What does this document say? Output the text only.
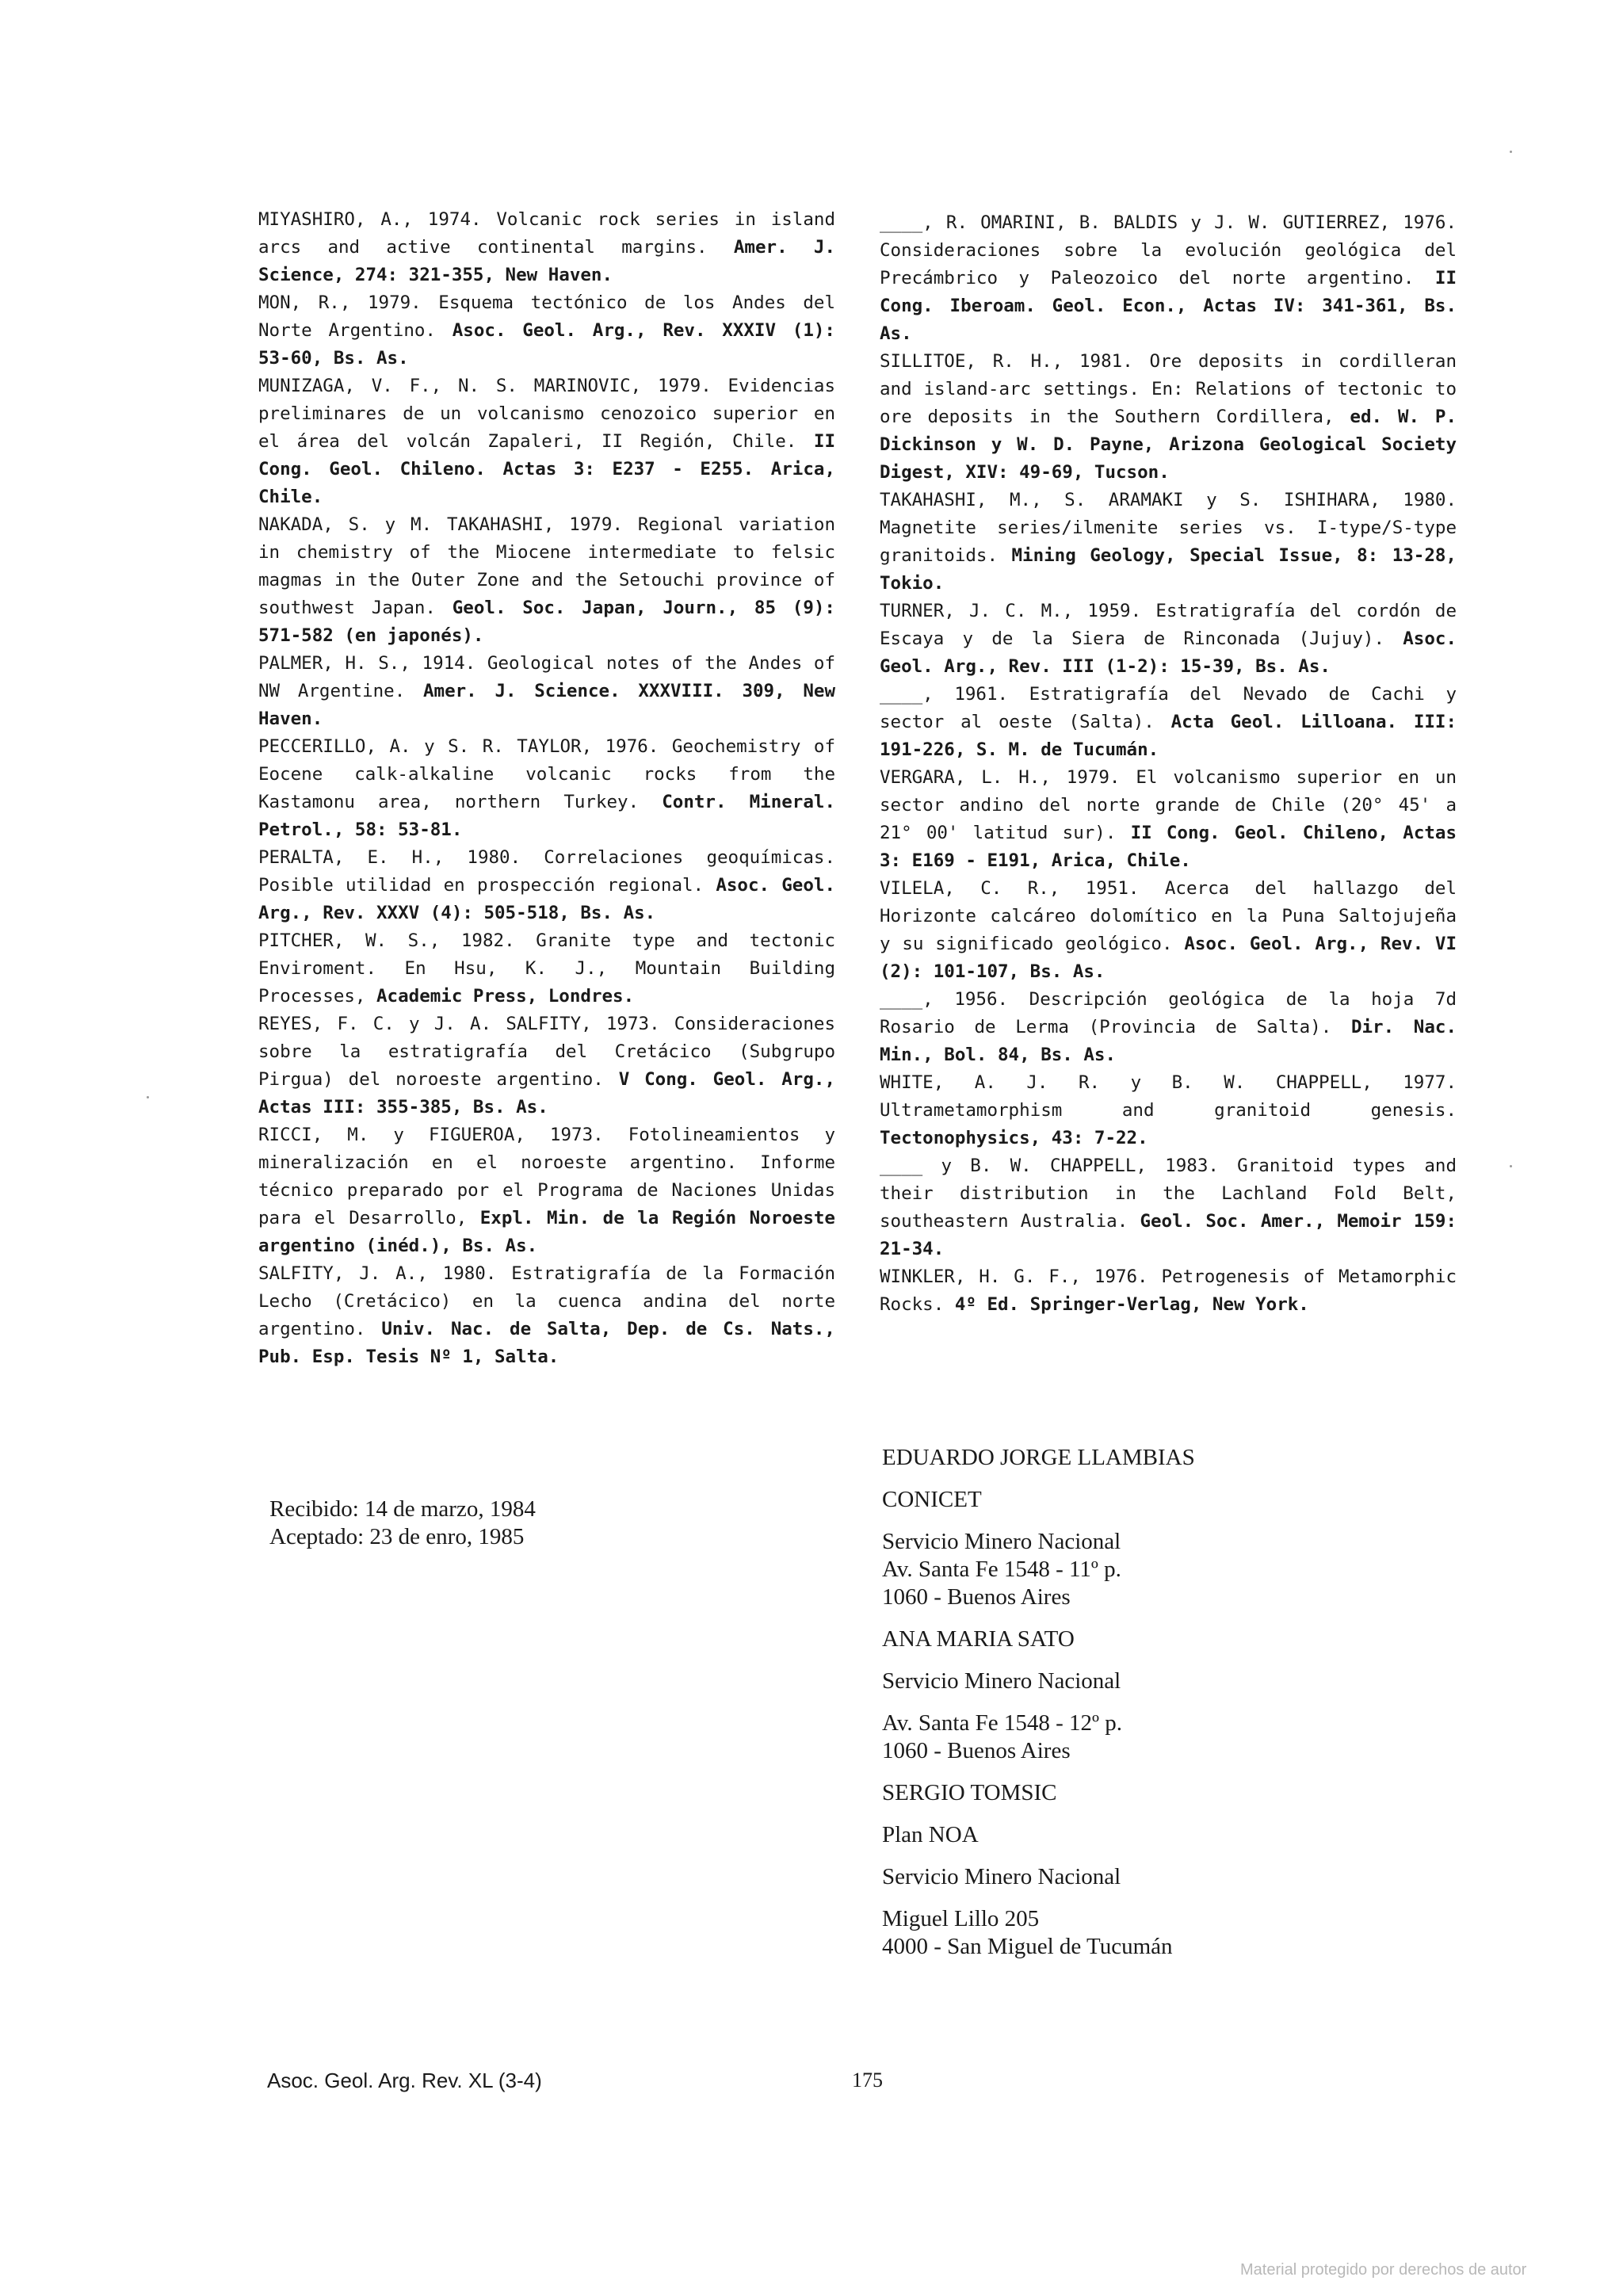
MIYASHIRO, A., 1974. Volcanic rock series in island arcs and active continental margins. Amer. J. Science, 274: 321-355, New Haven.

MON, R., 1979. Esquema tectónico de los Andes del Norte Argentino. Asoc. Geol. Arg., Rev. XXXIV (1): 53-60, Bs. As.

MUNIZAGA, V. F., N. S. MARINOVIC, 1979. Evidencias preliminares de un volcanismo cenozoico superior en el área del volcán Zapaleri, II Región, Chile. II Cong. Geol. Chileno. Actas 3: E237 - E255. Arica, Chile.

NAKADA, S. y M. TAKAHASHI, 1979. Regional variation in chemistry of the Miocene intermediate to felsic magmas in the Outer Zone and the Setouchi province of southwest Japan. Geol. Soc. Japan, Journ., 85 (9): 571-582 (en japonés).

PALMER, H. S., 1914. Geological notes of the Andes of NW Argentine. Amer. J. Science. XXXVIII. 309, New Haven.

PECCERILLO, A. y S. R. TAYLOR, 1976. Geochemistry of Eocene calk-alkaline volcanic rocks from the Kastamonu area, northern Turkey. Contr. Mineral. Petrol., 58: 53-81.

PERALTA, E. H., 1980. Correlaciones geoquímicas. Posible utilidad en prospección regional. Asoc. Geol. Arg., Rev. XXXV (4): 505-518, Bs. As.

PITCHER, W. S., 1982. Granite type and tectonic Enviroment. En Hsu, K. J., Mountain Building Processes, Academic Press, Londres.

REYES, F. C. y J. A. SALFITY, 1973. Consideraciones sobre la estratigrafía del Cretácico (Subgrupo Pirgua) del noroeste argentino. V Cong. Geol. Arg., Actas III: 355-385, Bs. As.

RICCI, M. y FIGUEROA, 1973. Fotolineamientos y mineralización en el noroeste argentino. Informe técnico preparado por el Programa de Naciones Unidas para el Desarrollo, Expl. Min. de la Región Noroeste argentino (inéd.), Bs. As.

SALFITY, J. A., 1980. Estratigrafía de la Formación Lecho (Cretácico) en la cuenca andina del norte argentino. Univ. Nac. de Salta, Dep. de Cs. Nats., Pub. Esp. Tesis Nº 1, Salta.

____, R. OMARINI, B. BALDIS y J. W. GUTIERREZ, 1976. Consideraciones sobre la evolución geológica del Precámbrico y Paleozoico del norte argentino. II Cong. Iberoam. Geol. Econ., Actas IV: 341-361, Bs. As.

SILLITOE, R. H., 1981. Ore deposits in cordilleran and island-arc settings. En: Relations of tectonic to ore deposits in the Southern Cordillera, ed. W. P. Dickinson y W. D. Payne, Arizona Geological Society Digest, XIV: 49-69, Tucson.

TAKAHASHI, M., S. ARAMAKI y S. ISHIHARA, 1980. Magnetite series/ilmenite series vs. I-type/S-type granitoids. Mining Geology, Special Issue, 8: 13-28, Tokio.

TURNER, J. C. M., 1959. Estratigrafía del cordón de Escaya y de la Siera de Rinconada (Jujuy). Asoc. Geol. Arg., Rev. III (1-2): 15-39, Bs. As.

____, 1961. Estratigrafía del Nevado de Cachi y sector al oeste (Salta). Acta Geol. Lilloana. III: 191-226, S. M. de Tucumán.

VERGARA, L. H., 1979. El volcanismo superior en un sector andino del norte grande de Chile (20° 45' a 21° 00' latitud sur). II Cong. Geol. Chileno, Actas 3: E169 - E191, Arica, Chile.

VILELA, C. R., 1951. Acerca del hallazgo del Horizonte calcáreo dolomítico en la Puna Saltojujeña y su significado geológico. Asoc. Geol. Arg., Rev. VI (2): 101-107, Bs. As.

____, 1956. Descripción geológica de la hoja 7d Rosario de Lerma (Provincia de Salta). Dir. Nac. Min., Bol. 84, Bs. As.

WHITE, A. J. R. y B. W. CHAPPELL, 1977. Ultrametamorphism and granitoid genesis. Tectonophysics, 43: 7-22.

____ y B. W. CHAPPELL, 1983. Granitoid types and their distribution in the Lachland Fold Belt, southeastern Australia. Geol. Soc. Amer., Memoir 159: 21-34.

WINKLER, H. G. F., 1976. Petrogenesis of Metamorphic Rocks. 4º Ed. Springer-Verlag, New York.

Recibido: 14 de marzo, 1984
Aceptado: 23 de enro, 1985
EDUARDO JORGE LLAMBIAS
CONICET
Servicio Minero Nacional
Av. Santa Fe 1548 - 11º p.
1060 - Buenos Aires
ANA MARIA SATO
Servicio Minero Nacional
Av. Santa Fe 1548 - 12º p.
1060 - Buenos Aires
SERGIO TOMSIC
Plan NOA
Servicio Minero Nacional
Miguel Lillo 205
4000 - San Miguel de Tucumán
Asoc. Geol. Arg. Rev. XL (3-4)	175
Material protegido por derechos de autor
